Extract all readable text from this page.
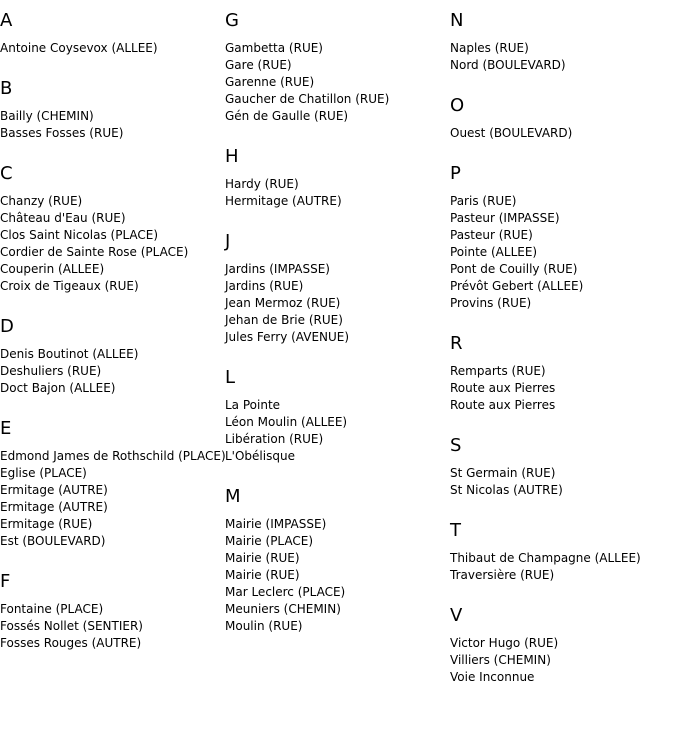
A
Antoine Coysevox (ALLEE)
B
Bailly (CHEMIN)
Basses Fosses (RUE)
C
Chanzy (RUE)
Château d'Eau (RUE)
Clos Saint Nicolas (PLACE)
Cordier de Sainte Rose (PLACE)
Couperin (ALLEE)
Croix de Tigeaux (RUE)
D
Denis Boutinot (ALLEE)
Deshuliers (RUE)
Doct Bajon (ALLEE)
E
Edmond James de Rothschild (PLACE)
Eglise (PLACE)
Ermitage (AUTRE)
Ermitage (AUTRE)
Ermitage (RUE)
Est (BOULEVARD)
F
Fontaine (PLACE)
Fossés Nollet (SENTIER)
Fosses Rouges (AUTRE)
G
Gambetta (RUE)
Gare (RUE)
Garenne (RUE)
Gaucher de Chatillon (RUE)
Gén de Gaulle (RUE)
H
Hardy (RUE)
Hermitage (AUTRE)
J
Jardins (IMPASSE)
Jardins (RUE)
Jean Mermoz (RUE)
Jehan de Brie (RUE)
Jules Ferry (AVENUE)
L
La Pointe
Léon Moulin (ALLEE)
Libération (RUE)
L'Obélisque
M
Mairie (IMPASSE)
Mairie (PLACE)
Mairie (RUE)
Mairie (RUE)
Mar Leclerc (PLACE)
Meuniers (CHEMIN)
Moulin (RUE)
N
Naples (RUE)
Nord (BOULEVARD)
O
Ouest (BOULEVARD)
P
Paris (RUE)
Pasteur (IMPASSE)
Pasteur (RUE)
Pointe (ALLEE)
Pont de Couilly (RUE)
Prévôt Gebert (ALLEE)
Provins (RUE)
R
Remparts (RUE)
Route aux Pierres
Route aux Pierres
S
St Germain (RUE)
St Nicolas (AUTRE)
T
Thibaut de Champagne (ALLEE)
Traversière (RUE)
V
Victor Hugo (RUE)
Villiers (CHEMIN)
Voie Inconnue
